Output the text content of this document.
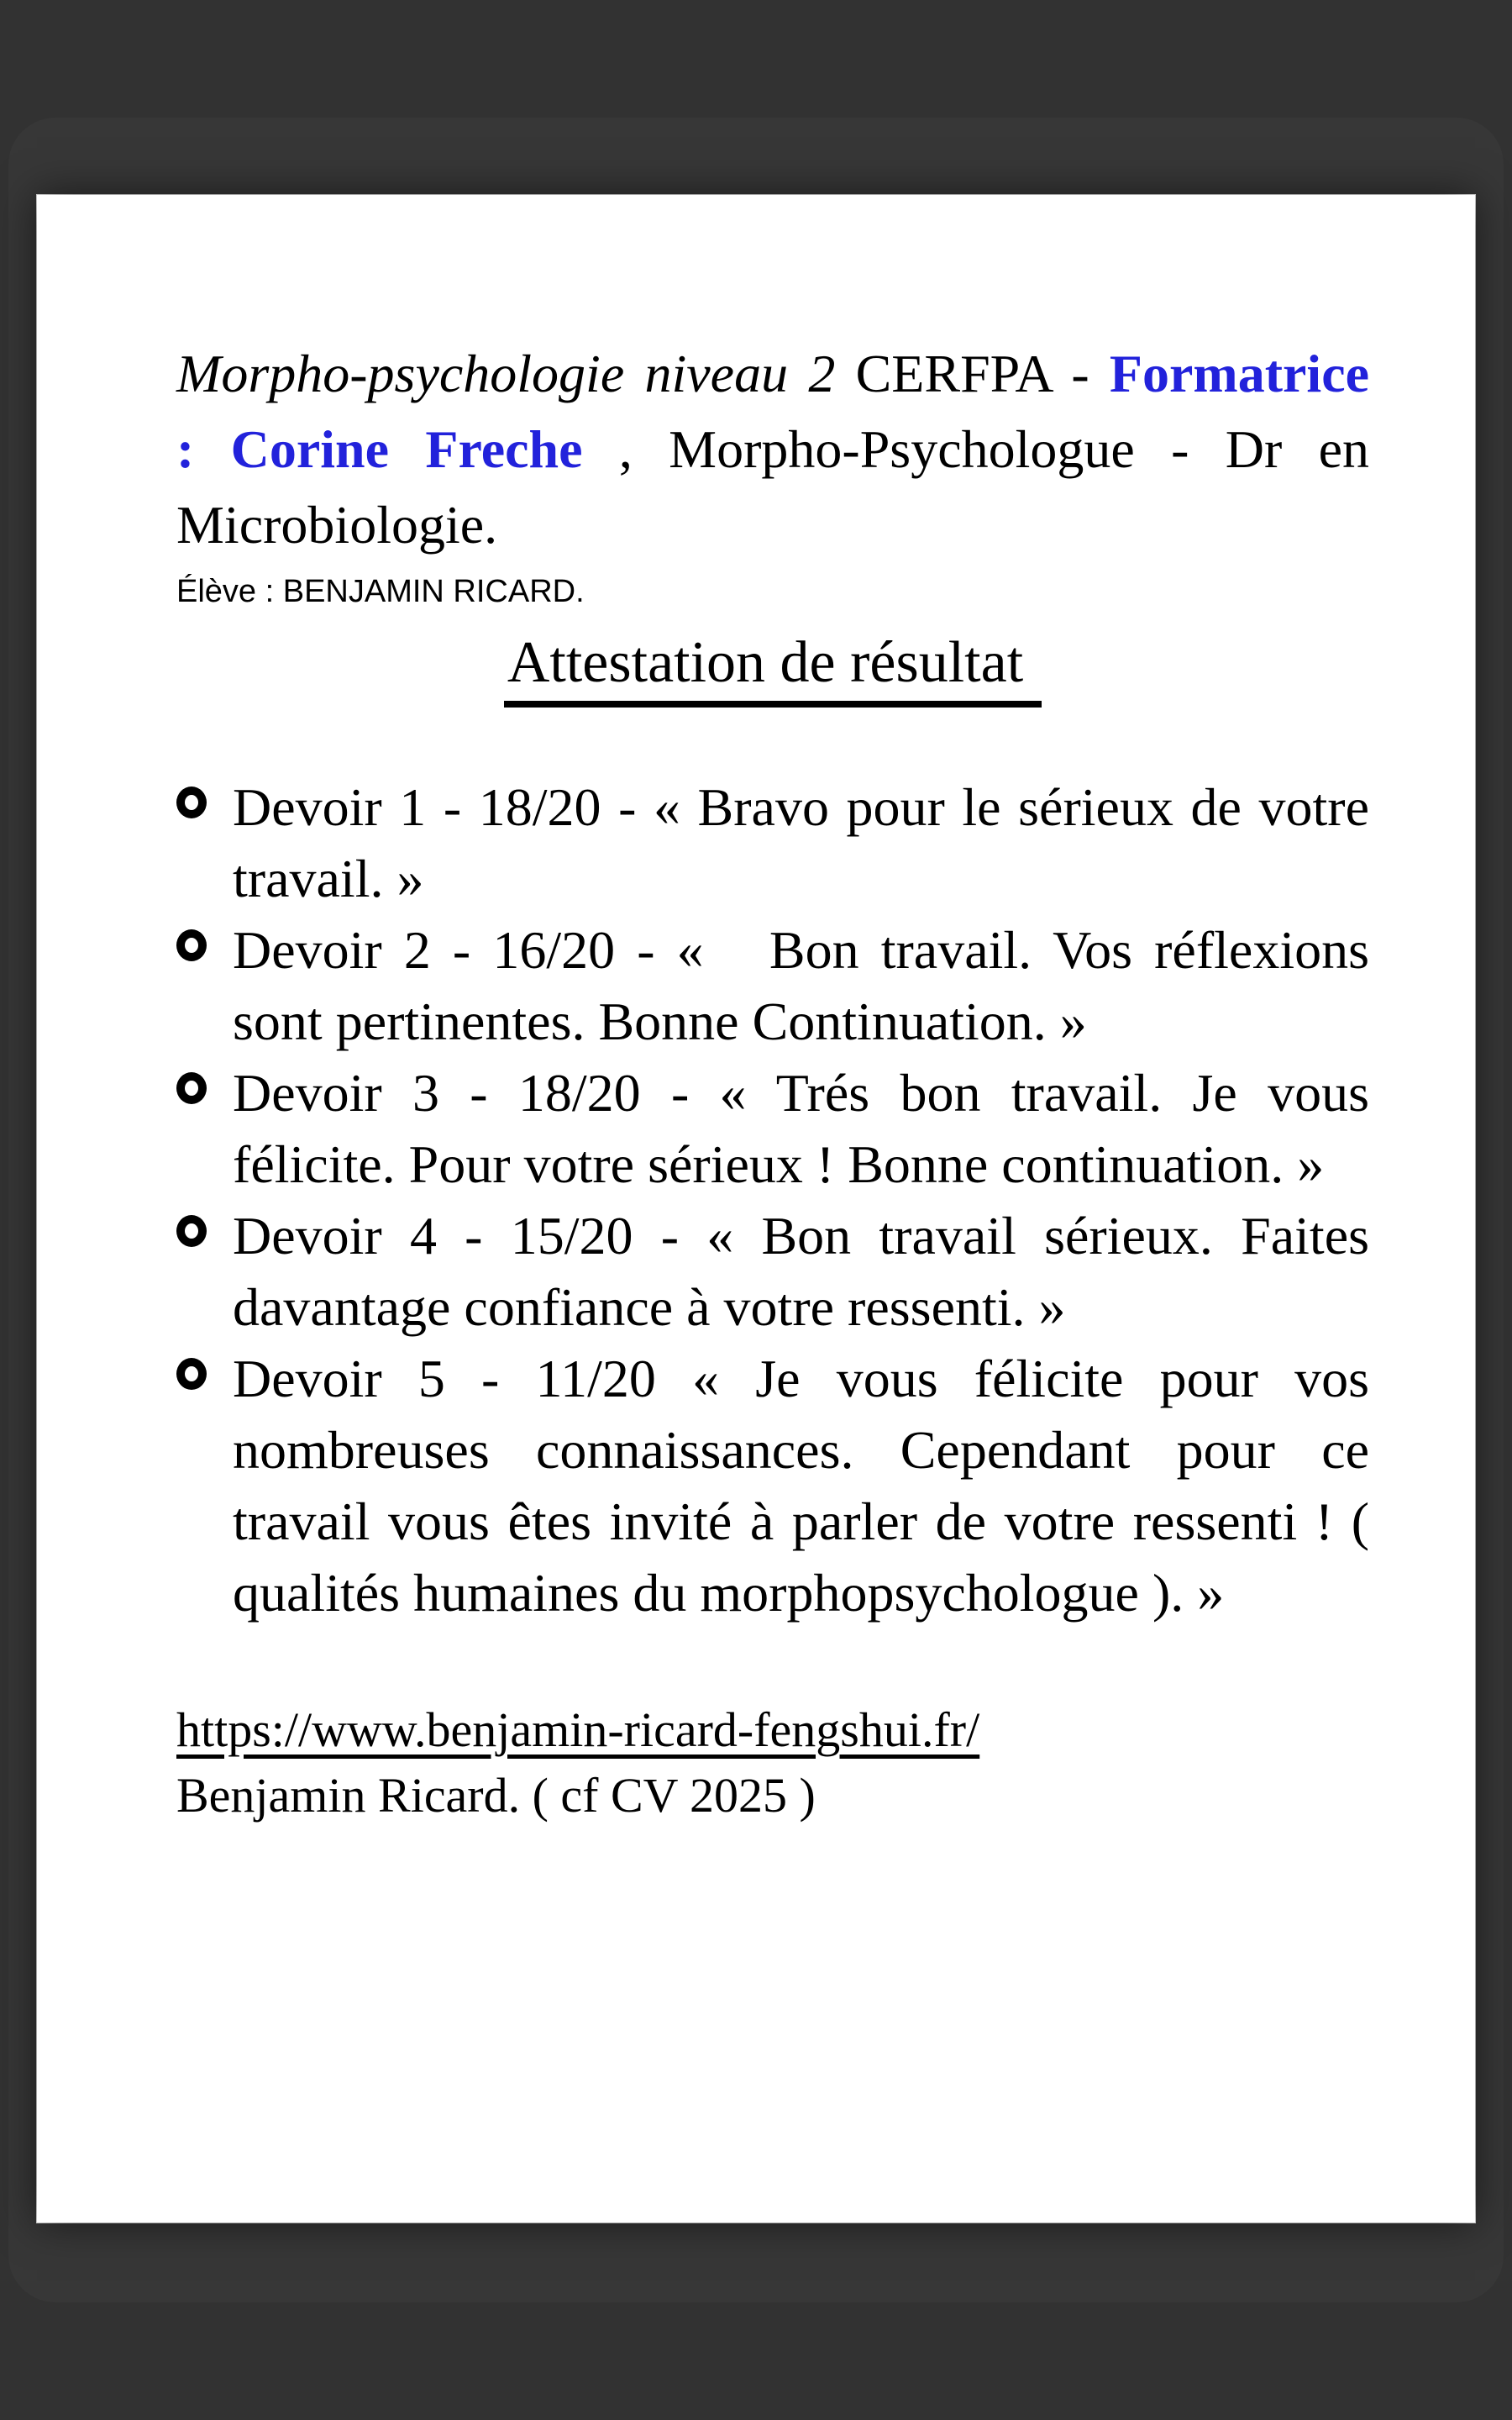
Morpho-psychologie niveau 2 CERFPA - Formatrice : Corine Freche , Morpho-Psychologue - Dr en Microbiologie.

Élève : BENJAMIN RICARD.

Attestation de résultat
Devoir 1 - 18/20 - « Bravo pour le sérieux de votre travail. »
Devoir 2 - 16/20 - «   Bon travail. Vos réflexions sont pertinentes. Bonne Continuation. »
Devoir 3 - 18/20 - « Trés bon travail. Je vous félicite. Pour votre sérieux ! Bonne continuation. »
Devoir 4 - 15/20 - « Bon travail sérieux. Faites davantage confiance à votre ressenti. »
Devoir 5 - 11/20 « Je vous félicite pour vos nombreuses connaissances. Cependant pour ce travail vous êtes invité à parler de votre ressenti ! ( qualités humaines du morphopsychologue ). »
https://www.benjamin-ricard-fengshui.fr/

Benjamin Ricard. ( cf CV 2025 )
